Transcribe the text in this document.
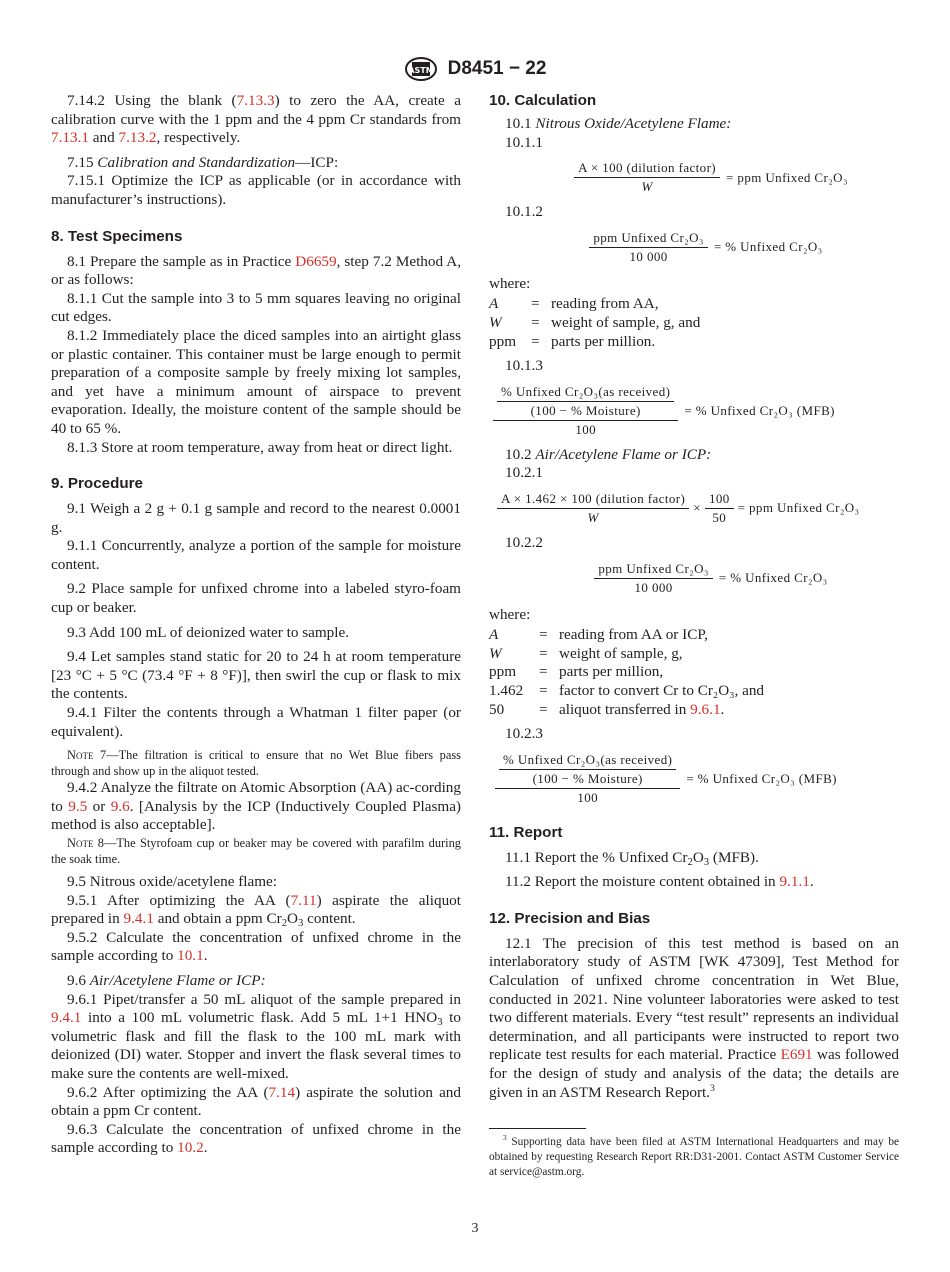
ASTM D8451 − 22

7.14.2 Using the blank (7.13.3) to zero the AA, create a calibration curve with the 1 ppm and the 4 ppm Cr standards from 7.13.1 and 7.13.2, respectively.

7.15 Calibration and Standardization—ICP:

7.15.1 Optimize the ICP as applicable (or in accordance with manufacturer’s instructions).

8. Test Specimens

8.1 Prepare the sample as in Practice D6659, step 7.2 Method A, or as follows:

8.1.1 Cut the sample into 3 to 5 mm squares leaving no original cut edges.

8.1.2 Immediately place the diced samples into an airtight glass or plastic container. This container must be large enough to permit preparation of a composite sample by freely mixing lot samples, and yet have a minimum amount of airspace to prevent evaporation. Ideally, the moisture content of the sample should be 40 to 65 %.

8.1.3 Store at room temperature, away from heat or direct light.

9. Procedure

9.1 Weigh a 2 g + 0.1 g sample and record to the nearest 0.0001 g.

9.1.1 Concurrently, analyze a portion of the sample for moisture content.

9.2 Place sample for unfixed chrome into a labeled styro-foam cup or beaker.

9.3 Add 100 mL of deionized water to sample.

9.4 Let samples stand static for 20 to 24 h at room temperature [23 °C + 5 °C (73.4 °F + 8 °F)], then swirl the cup or flask to mix the contents.

9.4.1 Filter the contents through a Whatman 1 filter paper (or equivalent).

Note 7—The filtration is critical to ensure that no Wet Blue fibers pass through and show up in the aliquot tested.

9.4.2 Analyze the filtrate on Atomic Absorption (AA) ac-cording to 9.5 or 9.6. [Analysis by the ICP (Inductively Coupled Plasma) method is also acceptable].

Note 8—The Styrofoam cup or beaker may be covered with parafilm during the soak time.

9.5 Nitrous oxide/acetylene flame:

9.5.1 After optimizing the AA (7.11) aspirate the aliquot prepared in 9.4.1 and obtain a ppm $Cr_2O_3$ content.

9.5.2 Calculate the concentration of unfixed chrome in the sample according to 10.1.

9.6 Air/Acetylene Flame or ICP:

9.6.1 Pipet/transfer a 50 mL aliquot of the sample prepared in 9.4.1 into a 100 mL volumetric flask. Add 5 mL 1+1 $HNO_3$ to volumetric flask and fill the flask to the 100 mL mark with deionized (DI) water. Stopper and invert the flask several times to make sure the contents are well-mixed.

9.6.2 After optimizing the AA (7.14) aspirate the solution and obtain a ppm Cr content.

9.6.3 Calculate the concentration of unfixed chrome in the sample according to 10.2.

10. Calculation

10.1 Nitrous Oxide/Acetylene Flame:

10.1.1

$\frac{\text{A × 100 (dilution factor)}}{W}$ = ppm Unfixed Cr₂O₃

10.1.2

$\frac{\text{ppm Unfixed Cr₂O₃}}{10 000}$ = % Unfixed Cr₂O₃

where:

A	=	reading from AA,
W	=	weight of sample, g, and
ppm	=	parts per million.

10.1.3

$\frac{\frac{\text{\% Unfixed Cr₂O₃(as received)}}{\text{(100 − \% Moisture)}}}{100}$ = % Unfixed Cr₂O₃ (MFB)

10.2 Air/Acetylene Flame or ICP:

10.2.1

$\frac{\text{A × 1.462 × 100 (dilution factor)}}{W} \times \frac{100}{50}$ = ppm Unfixed Cr₂O₃

10.2.2

$\frac{\text{ppm Unfixed Cr₂O₃}}{10 000}$ = % Unfixed Cr₂O₃

where:

A	=	reading from AA or ICP,
W	=	weight of sample, g,
ppm	=	parts per million,
1.462	=	factor to convert Cr to Cr₂O₃, and
50	=	aliquot transferred in 9.6.1.

10.2.3

$\frac{\frac{\text{\% Unfixed Cr₂O₃(as received)}}{\text{(100 − \% Moisture)}}}{100}$ = % Unfixed Cr₂O₃ (MFB)
11. Report

11.1 Report the % Unfixed $Cr_2O_3$ (MFB).

11.2 Report the moisture content obtained in 9.1.1.

12. Precision and Bias

12.1 The precision of this test method is based on an interlaboratory study of ASTM [WK 47309], Test Method for Calculation of unfixed chrome concentration in Wet Blue, conducted in 2021. Nine volunteer laboratories were asked to test two different materials. Every “test result” represents an individual determination, and all participants were instructed to report two replicate test results for each material. Practice E691 was followed for the design of study and analysis of the data; the details are given in an ASTM Research Report.$^3$

$^3$ Supporting data have been filed at ASTM International Headquarters and may be obtained by requesting Research Report RR:D31-2001. Contact ASTM Customer Service at service@astm.org.

3
